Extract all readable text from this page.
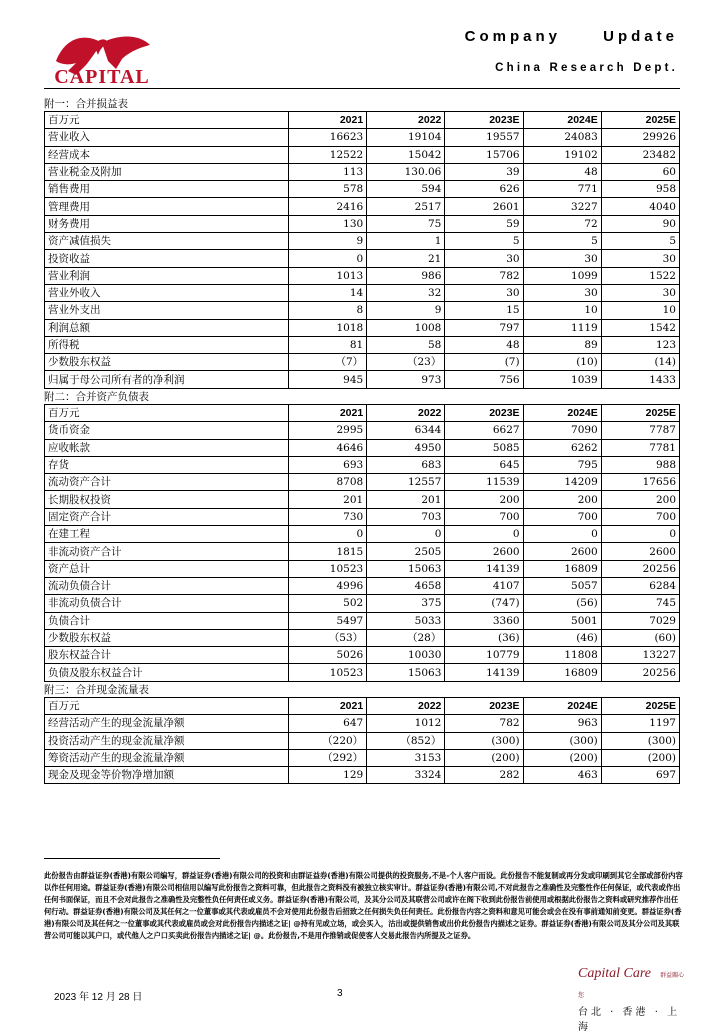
CAPITAL
Company Update
China Research Dept.
附一：合并损益表
百万元	2021	2022	2023E	2024E	2025E
营业收入	16623	19104	19557	24083	29926
经营成本	12522	15042	15706	19102	23482
营业税金及附加	113	130.06	39	48	60
销售费用	578	594	626	771	958
管理费用	2416	2517	2601	3227	4040
财务费用	130	75	59	72	90
资产减值损失	9	1	5	5	5
投资收益	0	21	30	30	30
营业利润	1013	986	782	1099	1522
营业外收入	14	32	30	30	30
营业外支出	8	9	15	10	10
利润总额	1018	1008	797	1119	1542
所得税	81	58	48	89	123
少数股东权益	（7）	（23）	(7)	(10)	(14)
归属于母公司所有者的净利润	945	973	756	1039	1433
附二：合并资产负债表
百万元	2021	2022	2023E	2024E	2025E
货币资金	2995	6344	6627	7090	7787
应收帐款	4646	4950	5085	6262	7781
存货	693	683	645	795	988
流动资产合计	8708	12557	11539	14209	17656
长期股权投资	201	201	200	200	200
固定资产合计	730	703	700	700	700
在建工程	0	0	0	0	0
非流动资产合计	1815	2505	2600	2600	2600
资产总计	10523	15063	14139	16809	20256
流动负债合计	4996	4658	4107	5057	6284
非流动负债合计	502	375	(747)	(56)	745
负债合计	5497	5033	3360	5001	7029
少数股东权益	（53）	（28）	(36)	(46)	(60)
股东权益合计	5026	10030	10779	11808	13227
负债及股东权益合计	10523	15063	14139	16809	20256
附三：合并现金流量表
百万元	2021	2022	2023E	2024E	2025E
经营活动产生的现金流量净额	647	1012	782	963	1197
投资活动产生的现金流量净额	（220）	（852）	(300)	(300)	(300)
筹资活动产生的现金流量净额	（292）	3153	(200)	(200)	(200)
现金及现金等价物净增加额	129	3324	282	463	697
此份报告由群益证券(香港)有限公司编写，群益证券(香港)有限公司的投资和由群证益券(香港)有限公司提供的投资服务,不是-个人客户而设。此份报告不能复制或再分发或印刷到其它全部或部份内容以作任何用途。群益证券(香港)有限公司相信用以编写此份报告之资料可靠，但此报告之资料没有被独立核实审计。群益证券(香港)有限公司,不对此报告之准确性及完整性作任何保证，或代表或作出任何书面保证，而且不会对此报告之准确性及完整性负任何责任或义务。群益证券(香港)有限公司，及其分公司及其联营公司或许在阁下收到此份报告前使用或根据此份报告之资料或研究推荐作出任何行动。群益证券(香港)有限公司及其任何之一位董事或其代表或雇员不会对使用此份报告后招致之任何损失负任何责任。此份报告内容之资料和意见可能会或会在没有事前通知前变更。群益证券(香港)有限公司及其任何之一位董事或其代表或雇员或会对此份报告内描述之证| @持有见或立场，或会买入，沽出或提供销售或出价此份报告内描述之证券。群益证券(香港)有限公司及其分公司及其联营公司可能以其户口，或代他人之户口买卖此份报告内描述之证| @。此份报告,不是用作推销或促使客人交易此报告内所提及之证券。
2023 年 12 月 28 日	3
Capital Care 群益關心您
台北 · 香港 · 上海
